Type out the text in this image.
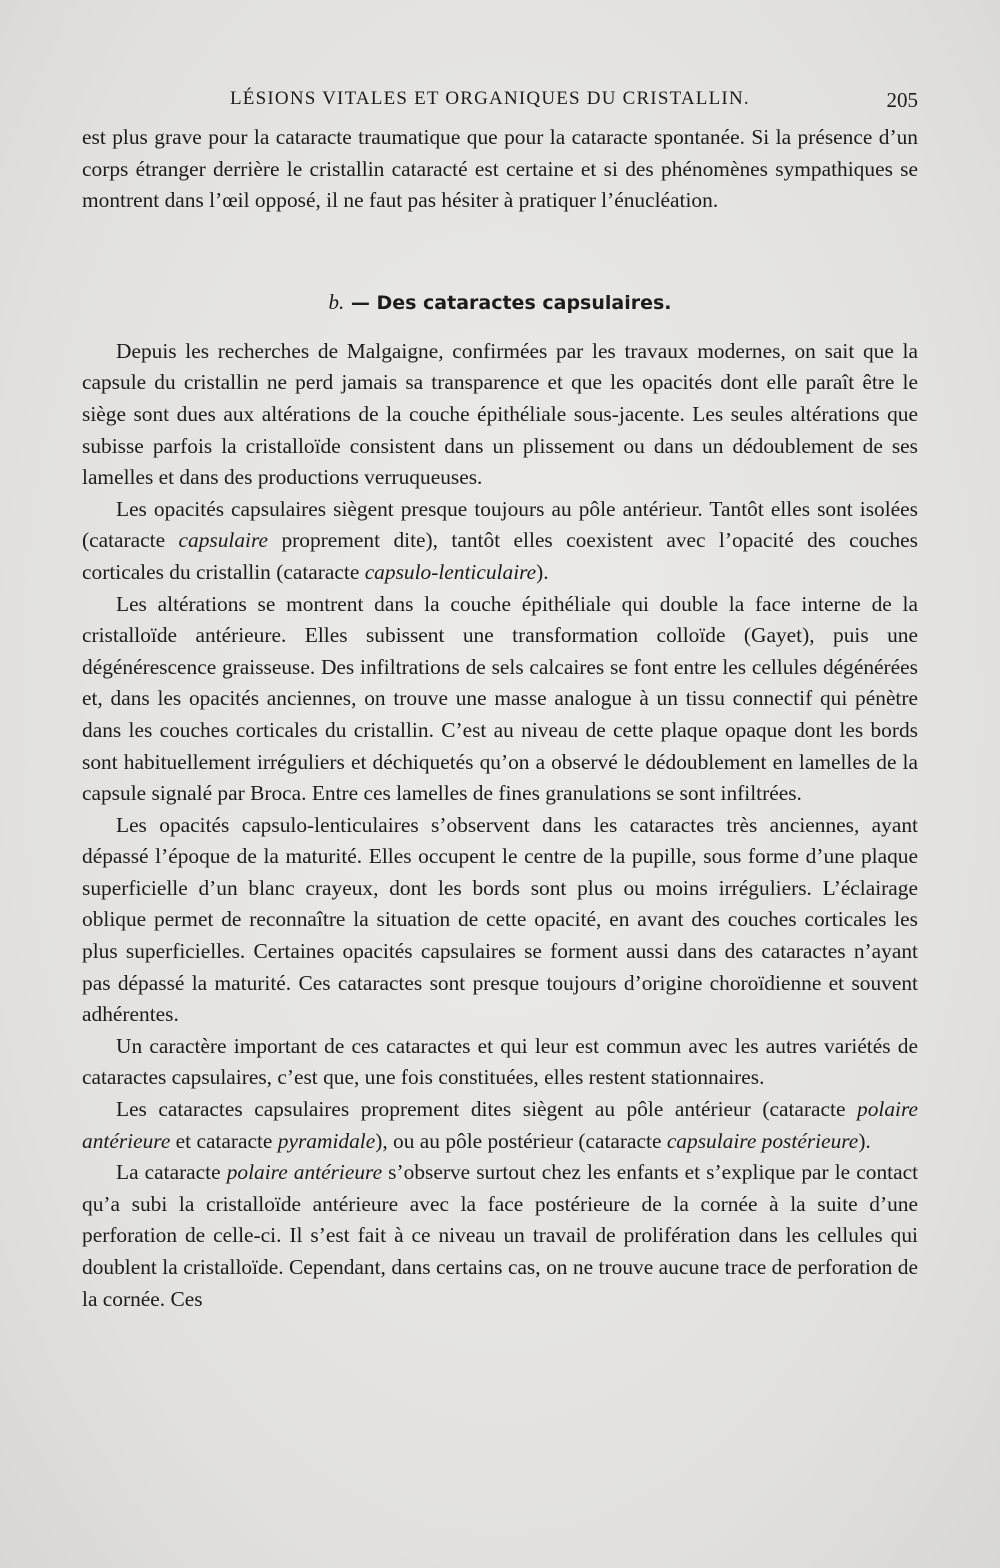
LÉSIONS VITALES ET ORGANIQUES DU CRISTALLIN.	205

est plus grave pour la cataracte traumatique que pour la cataracte spontanée. Si la présence d’un corps étranger derrière le cristallin cataracté est certaine et si des phénomènes sympathiques se montrent dans l’œil opposé, il ne faut pas hésiter à pratiquer l’énucléation.

b. — Des cataractes capsulaires.

Depuis les recherches de Malgaigne, confirmées par les travaux modernes, on sait que la capsule du cristallin ne perd jamais sa transparence et que les opacités dont elle paraît être le siège sont dues aux altérations de la couche épithéliale sous-jacente. Les seules altérations que subisse parfois la cristalloïde consistent dans un plissement ou dans un dédoublement de ses lamelles et dans des productions verruqueuses.

Les opacités capsulaires siègent presque toujours au pôle antérieur. Tantôt elles sont isolées (cataracte capsulaire proprement dite), tantôt elles coexistent avec l’opacité des couches corticales du cristallin (cataracte capsulo-lenticulaire).

Les altérations se montrent dans la couche épithéliale qui double la face interne de la cristalloïde antérieure. Elles subissent une transformation colloïde (Gayet), puis une dégénérescence graisseuse. Des infiltrations de sels calcaires se font entre les cellules dégénérées et, dans les opacités anciennes, on trouve une masse analogue à un tissu connectif qui pénètre dans les couches corticales du cristallin. C’est au niveau de cette plaque opaque dont les bords sont habituellement irréguliers et déchiquetés qu’on a observé le dédoublement en lamelles de la capsule signalé par Broca. Entre ces lamelles de fines granulations se sont infiltrées.

Les opacités capsulo-lenticulaires s’observent dans les cataractes très anciennes, ayant dépassé l’époque de la maturité. Elles occupent le centre de la pupille, sous forme d’une plaque superficielle d’un blanc crayeux, dont les bords sont plus ou moins irréguliers. L’éclairage oblique permet de reconnaître la situation de cette opacité, en avant des couches corticales les plus superficielles. Certaines opacités capsulaires se forment aussi dans des cataractes n’ayant pas dépassé la maturité. Ces cataractes sont presque toujours d’origine choroïdienne et souvent adhérentes.

Un caractère important de ces cataractes et qui leur est commun avec les autres variétés de cataractes capsulaires, c’est que, une fois constituées, elles restent stationnaires.

Les cataractes capsulaires proprement dites siègent au pôle antérieur (cataracte polaire antérieure et cataracte pyramidale), ou au pôle postérieur (cataracte capsulaire postérieure).

La cataracte polaire antérieure s’observe surtout chez les enfants et s’explique par le contact qu’a subi la cristalloïde antérieure avec la face postérieure de la cornée à la suite d’une perforation de celle-ci. Il s’est fait à ce niveau un travail de prolifération dans les cellules qui doublent la cristalloïde. Cependant, dans certains cas, on ne trouve aucune trace de perforation de la cornée. Ces
